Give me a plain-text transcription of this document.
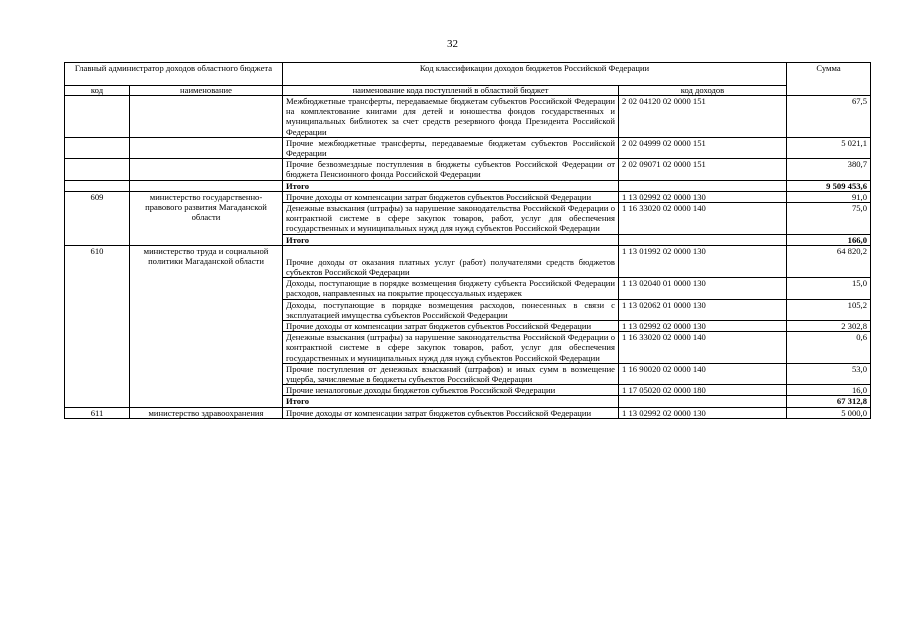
32
Главный администратор доходов областного бюджета		Код классификации доходов бюджетов Российской Федерации		Сумма
код	наименование	наименование кода поступлений в областной бюджет	код доходов	
		Межбюджетные трансферты, передаваемые бюджетам субъектов Российской Федерации на комплектование книгами для детей и юношества фондов государственных и муниципальных библиотек за счет средств резервного фонда Президента Российской Федерации	2 02 04120 02 0000 151	67,5
		Прочие межбюджетные трансферты, передаваемые бюджетам субъектов Российской Федерации	2 02 04999 02 0000 151	5 021,1
		Прочие безвозмездные поступления в бюджеты субъектов Российской Федерации от бюджета Пенсионного фонда Российской Федерации	2 02 09071 02 0000 151	380,7
		Итого		9 509 453,6
609	министерство государственно-правового развития Магаданской области	Прочие доходы от компенсации затрат бюджетов субъектов Российской Федерации	1 13 02992 02 0000 130	91,0
		Денежные взыскания (штрафы) за нарушение законодательства Российской Федерации о контрактной системе в сфере закупок товаров, работ, услуг для обеспечения государственных и муниципальных нужд для нужд субъектов Российской Федерации	1 16 33020 02 0000 140	75,0
		Итого		166,0
610	министерство труда и социальной политики Магаданской области	Прочие доходы от оказания платных услуг (работ) получателями средств бюджетов субъектов Российской Федерации	1 13 01992 02 0000 130	64 820,2
		Доходы, поступающие в порядке возмещения бюджету субъекта Российской Федерации расходов, направленных на покрытие процессуальных издержек	1 13 02040 01 0000 130	15,0
		Доходы, поступающие в порядке возмещения расходов, понесенных в связи с эксплуатацией имущества субъектов Российской Федерации	1 13 02062 01 0000 130	105,2
		Прочие доходы от компенсации затрат бюджетов субъектов Российской Федерации	1 13 02992 02 0000 130	2 302,8
		Денежные взыскания (штрафы) за нарушение законодательства Российской Федерации о контрактной системе в сфере закупок товаров, работ, услуг для обеспечения государственных и муниципальных нужд для нужд субъектов Российской Федерации	1 16 33020 02 0000 140	0,6
		Прочие поступления от денежных взысканий (штрафов) и иных сумм в возмещение ущерба, зачисляемые в бюджеты субъектов Российской Федерации	1 16 90020 02 0000 140	53,0
		Прочие неналоговые доходы бюджетов субъектов Российской Федерации	1 17 05020 02 0000 180	16,0
		Итого		67 312,8
611	министерство здравоохранения	Прочие доходы от компенсации затрат бюджетов субъектов Российской Федерации	1 13 02992 02 0000 130	5 000,0
